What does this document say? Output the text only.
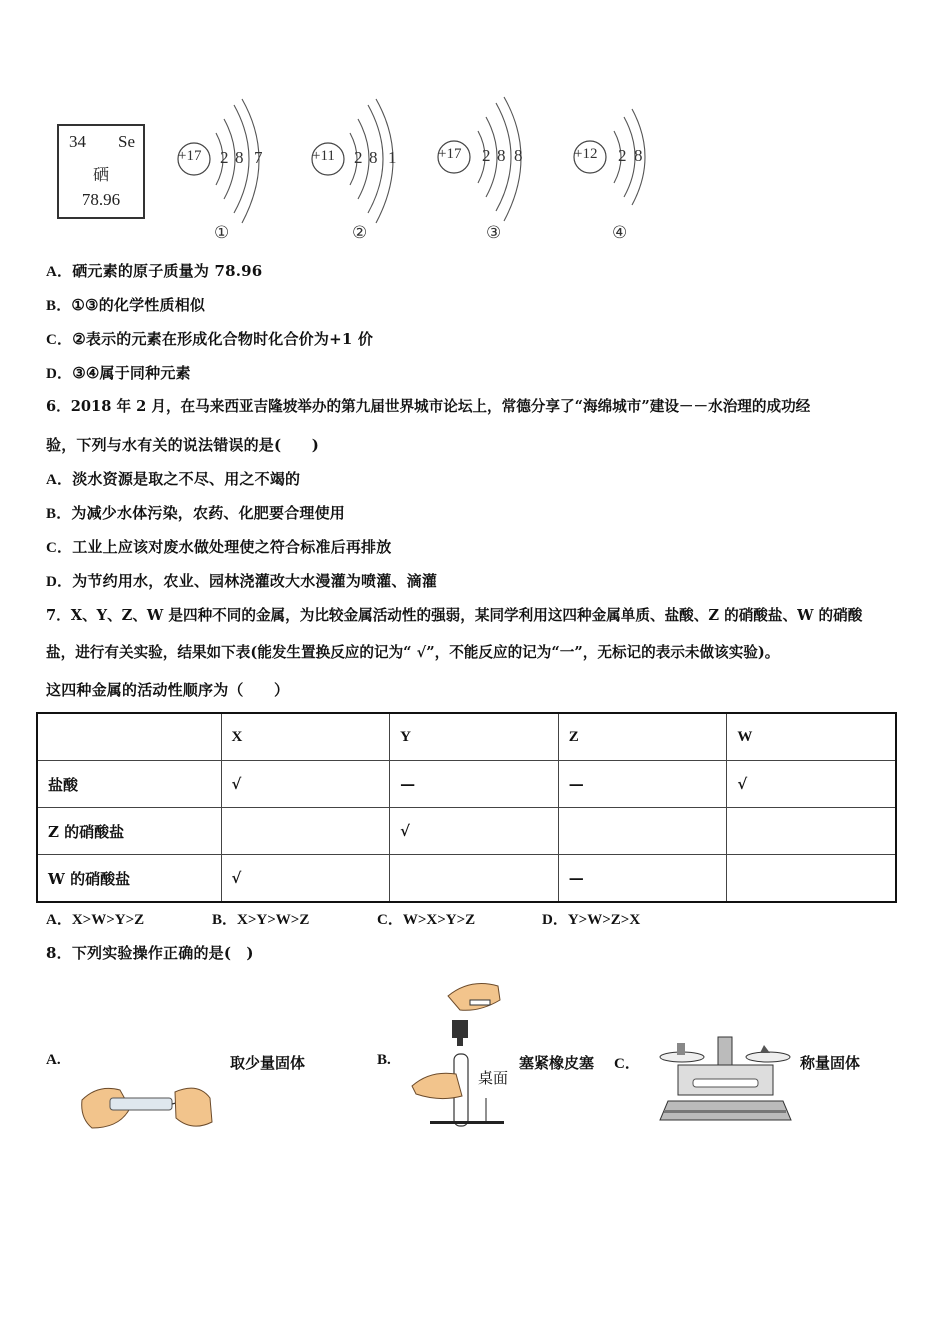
34 Se
硒
78.96
+17 2 8 7
①
+11 2 8 1
②
+17 2 8 8
③
+12 2 8
④
A．硒元素的原子质量为 78.96
B．①③的化学性质相似
C．②表示的元素在形成化合物时化合价为+1 价
D．③④属于同种元素
6．2018 年 2 月，在马来西亚吉隆坡举办的第九届世界城市论坛上，常德分享了“海绵城市”建设－－水治理的成功经
验，下列与水有关的说法错误的是(　　)
A．淡水资源是取之不尽、用之不竭的
B．为减少水体污染，农药、化肥要合理使用
C．工业上应该对废水做处理使之符合标准后再排放
D．为节约用水，农业、园林浇灌改大水漫灌为喷灌、滴灌
7．X、Y、Z、W 是四种不同的金属，为比较金属活动性的强弱，某同学利用这四种金属单质、盐酸、Z 的硝酸盐、W 的硝酸
盐，进行有关实验，结果如下表(能发生置换反应的记为“ √”，不能反应的记为“一”，无标记的表示未做该实验)。
这四种金属的活动性顺序为（　　）
	X	Y	Z	W
盐酸	√	—	—	√
Z 的硝酸盐		√		
W 的硝酸盐	√		—	
A．X>W>Y>Z	B．X>Y>W>Z	C．W>X>Y>Z	D．Y>W>Z>X
8．下列实验操作正确的是(　)
A.	取少量固体	B.
桌面
塞紧橡皮塞 C．	称量固体
